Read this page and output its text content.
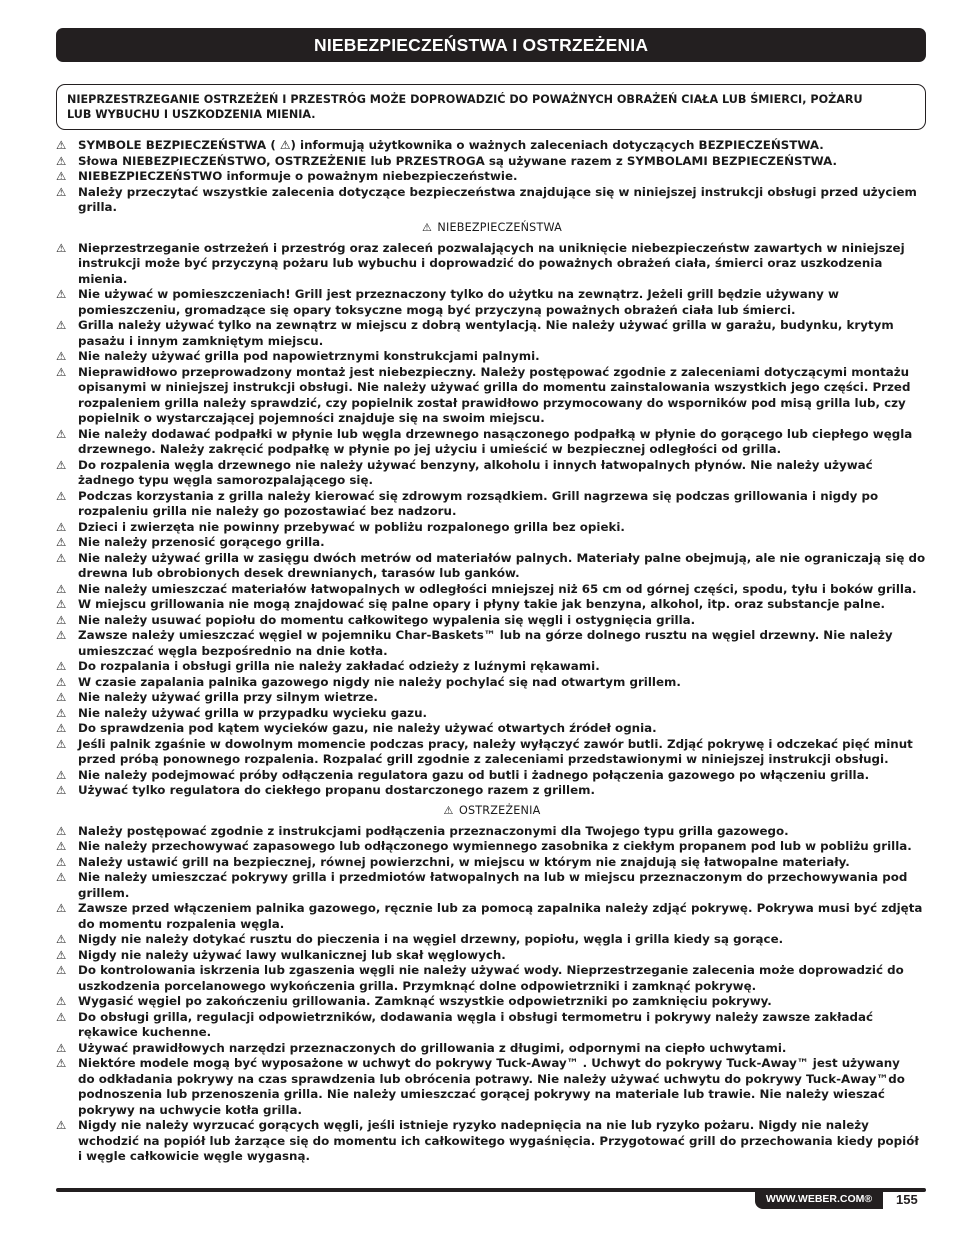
NIEBEZPIECZEŃSTWA I OSTRZEŻENIA
NIEPRZESTRZEGANIE OSTRZEŻEŃ I PRZESTRÓG MOŻE DOPROWADZIĆ DO POWAŻNYCH OBRAŻEŃ CIAŁA LUB ŚMIERCI, POŻARU
LUB WYBUCHU I USZKODZENIA MIENIA.
⚠ SYMBOLE BEZPIECZEŃSTWA ( ⚠) informują użytkownika o ważnych zaleceniach dotyczących BEZPIECZEŃSTWA.
⚠ Słowa NIEBEZPIECZEŃSTWO, OSTRZEŻENIE lub PRZESTROGA są używane razem z SYMBOLAMI BEZPIECZEŃSTWA.
⚠ NIEBEZPIECZEŃSTWO informuje o poważnym niebezpieczeństwie.
⚠ Należy przeczytać wszystkie zalecenia dotyczące bezpieczeństwa znajdujące się w niniejszej instrukcji obsługi przed użyciem
grilla.
⚠ NIEBEZPIECZEŃSTWA
⚠ Nieprzestrzeganie ostrzeżeń i przestróg oraz zaleceń pozwalających na uniknięcie niebezpieczeństw zawartych w niniejszej
instrukcji może być przyczyną pożaru lub wybuchu i doprowadzić do poważnych obrażeń ciała, śmierci oraz uszkodzenia
mienia.
⚠ Nie używać w pomieszczeniach! Grill jest przeznaczony tylko do użytku na zewnątrz. Jeżeli grill będzie używany w
pomieszczeniu, gromadzące się opary toksyczne mogą być przyczyną poważnych obrażeń ciała lub śmierci.
⚠ Grilla należy używać tylko na zewnątrz w miejscu z dobrą wentylacją. Nie należy używać grilla w garażu, budynku, krytym
pasażu i innym zamkniętym miejscu.
⚠ Nie należy używać grilla pod napowietrznymi konstrukcjami palnymi.
⚠ Nieprawidłowo przeprowadzony montaż jest niebezpieczny. Należy postępować zgodnie z zaleceniami dotyczącymi montażu
opisanymi w niniejszej instrukcji obsługi. Nie należy używać grilla do momentu zainstalowania wszystkich jego części. Przed
rozpaleniem grilla należy sprawdzić, czy popielnik został prawidłowo przymocowany do wsporników pod misą grilla lub, czy
popielnik o wystarczającej pojemności znajduje się na swoim miejscu.
⚠ Nie należy dodawać podpałki w płynie lub węgla drzewnego nasączonego podpałką w płynie do gorącego lub ciepłego węgla
drzewnego. Należy zakręcić podpałkę w płynie po jej użyciu i umieścić w bezpiecznej odległości od grilla.
⚠ Do rozpalenia węgla drzewnego nie należy używać benzyny, alkoholu i innych łatwopalnych płynów. Nie należy używać
żadnego typu węgla samorozpalającego się.
⚠ Podczas korzystania z grilla należy kierować się zdrowym rozsądkiem. Grill nagrzewa się podczas grillowania i nigdy po
rozpaleniu grilla nie należy go pozostawiać bez nadzoru.
⚠ Dzieci i zwierzęta nie powinny przebywać w pobliżu rozpalonego grilla bez opieki.
⚠ Nie należy przenosić gorącego grilla.
⚠ Nie należy używać grilla w zasięgu dwóch metrów od materiałów palnych. Materiały palne obejmują, ale nie ograniczają się do
drewna lub obrobionych desek drewnianych, tarasów lub ganków.
⚠ Nie należy umieszczać materiałów łatwopalnych w odległości mniejszej niż 65 cm od górnej części, spodu, tyłu i boków grilla.
⚠ W miejscu grillowania nie mogą znajdować się palne opary i płyny takie jak benzyna, alkohol, itp. oraz substancje palne.
⚠ Nie należy usuwać popiołu do momentu całkowitego wypalenia się węgli i ostygnięcia grilla.
⚠ Zawsze należy umieszczać węgiel w pojemniku Char-Baskets™ lub na górze dolnego rusztu na węgiel drzewny. Nie należy
umieszczać węgla bezpośrednio na dnie kotła.
⚠ Do rozpalania i obsługi grilla nie należy zakładać odzieży z luźnymi rękawami.
⚠ W czasie zapalania palnika gazowego nigdy nie należy pochylać się nad otwartym grillem.
⚠ Nie należy używać grilla przy silnym wietrze.
⚠ Nie należy używać grilla w przypadku wycieku gazu.
⚠ Do sprawdzenia pod kątem wycieków gazu, nie należy używać otwartych źródeł ognia.
⚠ Jeśli palnik zgaśnie w dowolnym momencie podczas pracy, należy wyłączyć zawór butli. Zdjąć pokrywę i odczekać pięć minut
przed próbą ponownego rozpalenia. Rozpalać grill zgodnie z zaleceniami przedstawionymi w niniejszej instrukcji obsługi.
⚠ Nie należy podejmować próby odłączenia regulatora gazu od butli i żadnego połączenia gazowego po włączeniu grilla.
⚠ Używać tylko regulatora do ciekłego propanu dostarczonego razem z grillem.
⚠ OSTRZEŻENIA
⚠ Należy postępować zgodnie z instrukcjami podłączenia przeznaczonymi dla Twojego typu grilla gazowego.
⚠ Nie należy przechowywać zapasowego lub odłączonego wymiennego zasobnika z ciekłym propanem pod lub w pobliżu grilla.
⚠ Należy ustawić grill na bezpiecznej, równej powierzchni, w miejscu w którym nie znajdują się łatwopalne materiały.
⚠ Nie należy umieszczać pokrywy grilla i przedmiotów łatwopalnych na lub w miejscu przeznaczonym do przechowywania pod
grillem.
⚠ Zawsze przed włączeniem palnika gazowego, ręcznie lub za pomocą zapalnika należy zdjąć pokrywę. Pokrywa musi być zdjęta
do momentu rozpalenia węgla.
⚠ Nigdy nie należy dotykać rusztu do pieczenia i na węgiel drzewny, popiołu, węgla i grilla kiedy są gorące.
⚠ Nigdy nie należy używać lawy wulkanicznej lub skał węglowych.
⚠ Do kontrolowania iskrzenia lub zgaszenia węgli nie należy używać wody. Nieprzestrzeganie zalecenia może doprowadzić do
uszkodzenia porcelanowego wykończenia grilla. Przymknąć dolne odpowietrzniki i zamknąć pokrywę.
⚠ Wygasić węgiel po zakończeniu grillowania. Zamknąć wszystkie odpowietrzniki po zamknięciu pokrywy.
⚠ Do obsługi grilla, regulacji odpowietrzników, dodawania węgla i obsługi termometru i pokrywy należy zawsze zakładać
rękawice kuchenne.
⚠ Używać prawidłowych narzędzi przeznaczonych do grillowania z długimi, odpornymi na ciepło uchwytami.
⚠ Niektóre modele mogą być wyposażone w uchwyt do pokrywy Tuck-Away™ . Uchwyt do pokrywy Tuck-Away™ jest używany
do odkładania pokrywy na czas sprawdzenia lub obrócenia potrawy. Nie należy używać uchwytu do pokrywy Tuck-Away™do
podnoszenia lub przenoszenia grilla. Nie należy umieszczać gorącej pokrywy na materiale lub trawie. Nie należy wieszać
pokrywy na uchwycie kotła grilla.
⚠ Nigdy nie należy wyrzucać gorących węgli, jeśli istnieje ryzyko nadepnięcia na nie lub ryzyko pożaru. Nigdy nie należy
wchodzić na popiół lub żarzące się do momentu ich całkowitego wygaśnięcia. Przygotować grill do przechowania kiedy popiół
i węgle całkowicie węgle wygasną.
WWW.WEBER.COM®	155
